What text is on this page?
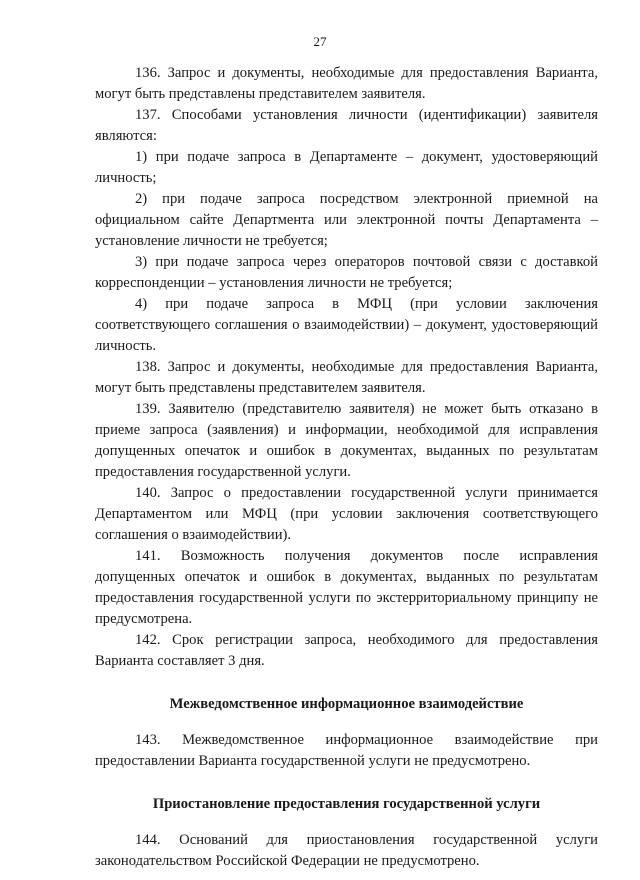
27

136. Запрос и документы, необходимые для предоставления Варианта, могут быть представлены представителем заявителя.

137. Способами установления личности (идентификации) заявителя являются:

1) при подаче запроса в Департаменте – документ, удостоверяющий личность;

2) при подаче запроса посредством электронной приемной на официальном сайте Департмента или электронной почты Департамента – установление личности не требуется;

3) при подаче запроса через операторов почтовой связи с доставкой корреспонденции – установления личности не требуется;

4) при подаче запроса в МФЦ (при условии заключения соответствующего соглашения о взаимодействии) – документ, удостоверяющий личность.

138. Запрос и документы, необходимые для предоставления Варианта, могут быть представлены представителем заявителя.

139. Заявителю (представителю заявителя) не может быть отказано в приеме запроса (заявления) и информации, необходимой для исправления допущенных опечаток и ошибок в документах, выданных по результатам предоставления государственной услуги.

140. Запрос о предоставлении государственной услуги принимается Департаментом или МФЦ (при условии заключения соответствующего соглашения о взаимодействии).

141. Возможность получения документов после исправления допущенных опечаток и ошибок в документах, выданных по результатам предоставления государственной услуги по экстерриториальному принципу не предусмотрена.

142. Срок регистрации запроса, необходимого для предоставления Варианта составляет 3 дня.

Межведомственное информационное взаимодействие

143. Межведомственное информационное взаимодействие при предоставлении Варианта государственной услуги не предусмотрено.

Приостановление предоставления государственной услуги

144. Оснований для приостановления государственной услуги законодательством Российской Федерации не предусмотрено.
